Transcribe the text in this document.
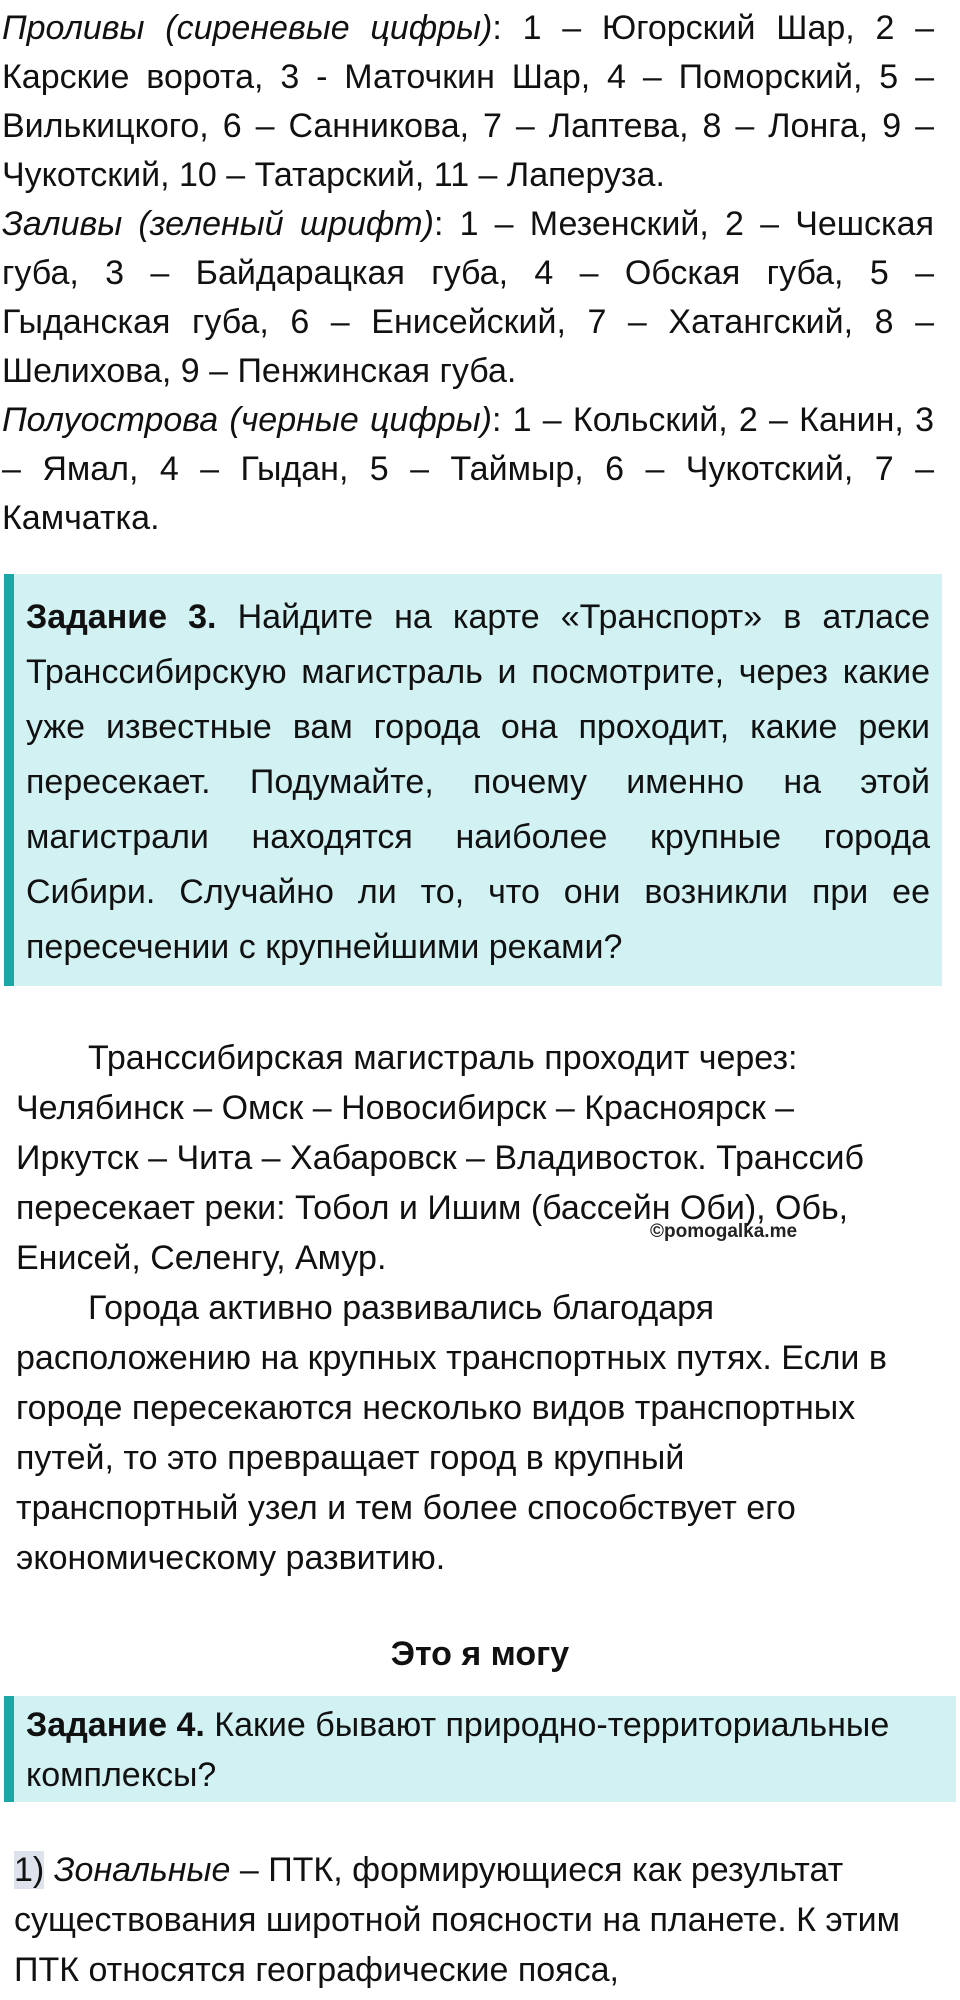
Проливы (сиреневые цифры): 1 – Югорский Шар, 2 – Карские ворота, 3 - Маточкин Шар, 4 – Поморский, 5 – Вилькицкого, 6 – Санникова, 7 – Лаптева, 8 – Лонга, 9 – Чукотский, 10 – Татарский, 11 – Лаперуза.

Заливы (зеленый шрифт): 1 – Мезенский, 2 – Чешская губа, 3 – Байдарацкая губа, 4 – Обская губа, 5 – Гыданская губа, 6 – Енисейский, 7 – Хатангский, 8 – Шелихова, 9 – Пенжинская губа.

Полуострова (черные цифры): 1 – Кольский, 2 – Канин, 3 – Ямал, 4 – Гыдан, 5 – Таймыр, 6 – Чукотский, 7 – Камчатка.

Задание 3. Найдите на карте «Транспорт» в атласе Транссибирскую магистраль и посмотрите, через какие уже известные вам города она проходит, какие реки пересекает. Подумайте, почему именно на этой магистрали находятся наиболее крупные города Сибири. Случайно ли то, что они возникли при ее пересечении с крупнейшими реками?

Транссибирская магистраль проходит через: Челябинск – Омск – Новосибирск – Красноярск – Иркутск – Чита – Хабаровск – Владивосток. Транссиб пересекает реки: Тобол и Ишим (бассейн Оби), Обь, Енисей, Селенгу, Амур.

Города активно развивались благодаря расположению на крупных транспортных путях. Если в городе пересекаются несколько видов транспортных путей, то это превращает город в крупный транспортный узел и тем более способствует его экономическому развитию.

©pomogalka.me
Это я могу

Задание 4. Какие бывают природно-территориальные комплексы?

1) Зональные – ПТК, формирующиеся как результат существования широтной поясности на планете. К этим ПТК относятся географические пояса,
